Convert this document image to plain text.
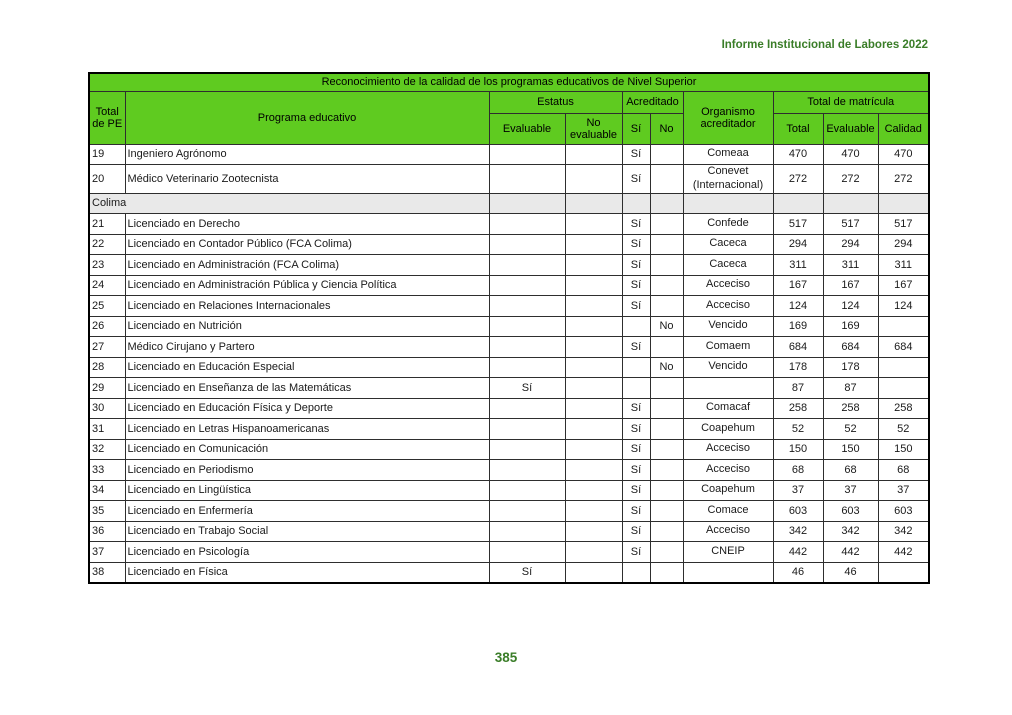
Informe Institucional de Labores 2022
Reconocimiento de la calidad de los programas educativos de Nivel Superior									
Total de PE	Programa educativo	Estatus		Acreditado		Organismo acreditador	Total de matrícula		
		Evaluable	No evaluable	Sí	No				
							Total	Evaluable	Calidad
19	Ingeniero Agrónomo			Sí		Comeaa	470	470	470
20	Médico Veterinario Zootecnista			Sí		Conevet (Internacional)	272	272	272
Colima									
21	Licenciado en Derecho			Sí		Confede	517	517	517
22	Licenciado en Contador Público (FCA Colima)			Sí		Caceca	294	294	294
23	Licenciado en Administración (FCA Colima)			Sí		Caceca	311	311	311
24	Licenciado en Administración Pública y Ciencia Política			Sí		Acceciso	167	167	167
25	Licenciado en Relaciones Internacionales			Sí		Acceciso	124	124	124
26	Licenciado en Nutrición				No	Vencido	169	169	
27	Médico Cirujano y Partero			Sí		Comaem	684	684	684
28	Licenciado en Educación Especial				No	Vencido	178	178	
29	Licenciado en Enseñanza de las Matemáticas	Sí					87	87	
30	Licenciado en Educación Física y Deporte			Sí		Comacaf	258	258	258
31	Licenciado en Letras Hispanoamericanas			Sí		Coapehum	52	52	52
32	Licenciado en Comunicación			Sí		Acceciso	150	150	150
33	Licenciado en Periodismo			Sí		Acceciso	68	68	68
34	Licenciado en Lingüística			Sí		Coapehum	37	37	37
35	Licenciado en Enfermería			Sí		Comace	603	603	603
36	Licenciado en Trabajo Social			Sí		Acceciso	342	342	342
37	Licenciado en Psicología			Sí		CNEIP	442	442	442
38	Licenciado en Física	Sí					46	46	
385
